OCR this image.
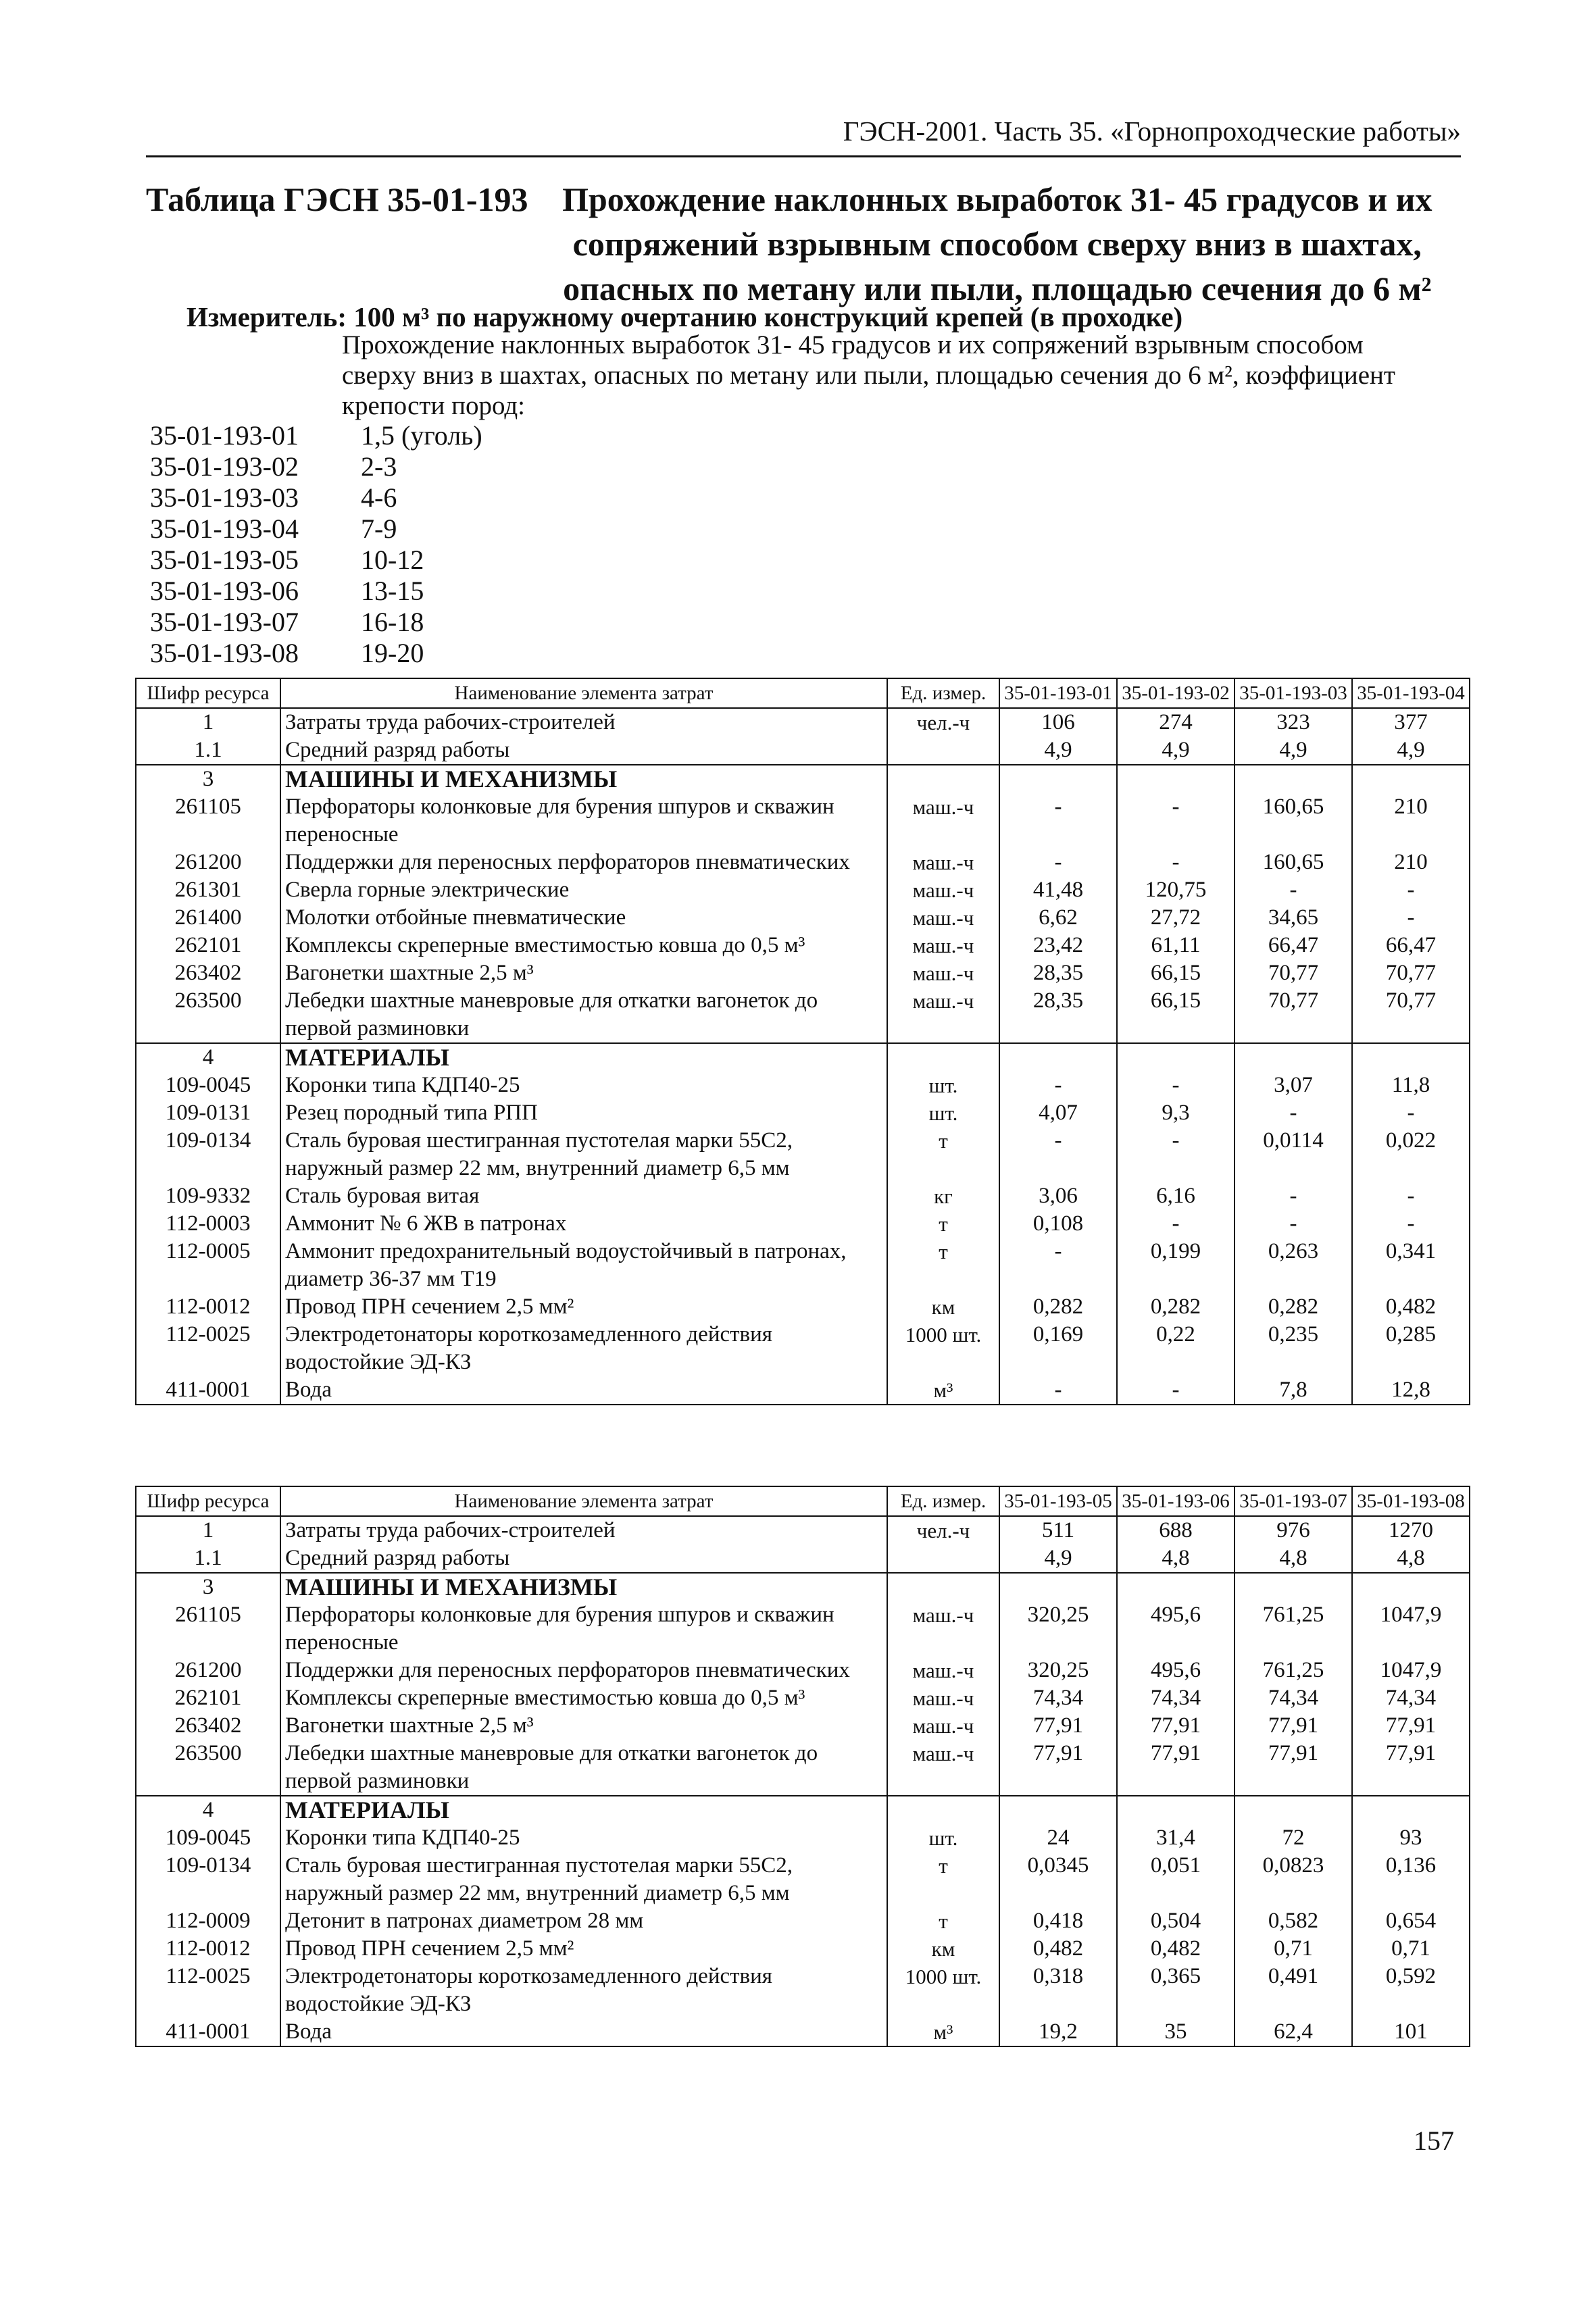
ГЭСН-2001. Часть 35. «Горнопроходческие работы»
Таблица ГЭСН 35-01-193	Прохождение наклонных выработок 31- 45 градусов и их
сопряжений взрывным способом сверху вниз в шахтах,
опасных по метану или пыли, площадью сечения до 6 м²
Измеритель: 100 м³ по наружному очертанию конструкций крепей (в проходке)
Прохождение наклонных выработок 31- 45 градусов и их сопряжений взрывным способом сверху вниз в шахтах, опасных по метану или пыли, площадью сечения до 6 м², коэффициент крепости пород:
35-01-193-01	1,5 (уголь)
35-01-193-02	2-3
35-01-193-03	4-6
35-01-193-04	7-9
35-01-193-05	10-12
35-01-193-06	13-15
35-01-193-07	16-18
35-01-193-08	19-20
Шифр ресурса	Наименование элемента затрат	Ед. измер.	35-01-193-01	35-01-193-02	35-01-193-03	35-01-193-04
1	Затраты труда рабочих-строителей	чел.-ч	106	274	323	377
1.1	Средний разряд работы		4,9	4,9	4,9	4,9
3	МАШИНЫ И МЕХАНИЗМЫ					
261105	Перфораторы колонковые для бурения шпуров и скважин переносные	маш.-ч	-	-	160,65	210
261200	Поддержки для переносных перфораторов пневматических	маш.-ч	-	-	160,65	210
261301	Сверла горные электрические	маш.-ч	41,48	120,75	-	-
261400	Молотки отбойные пневматические	маш.-ч	6,62	27,72	34,65	-
262101	Комплексы скреперные вместимостью ковша до 0,5 м³	маш.-ч	23,42	61,11	66,47	66,47
263402	Вагонетки шахтные 2,5 м³	маш.-ч	28,35	66,15	70,77	70,77
263500	Лебедки шахтные маневровые для откатки вагонеток до первой разминовки	маш.-ч	28,35	66,15	70,77	70,77
4	МАТЕРИАЛЫ					
109-0045	Коронки типа КДП40-25	шт.	-	-	3,07	11,8
109-0131	Резец породный типа РПП	шт.	4,07	9,3	-	-
109-0134	Сталь буровая шестигранная пустотелая марки 55С2, наружный размер 22 мм, внутренний диаметр 6,5 мм	т	-	-	0,0114	0,022
109-9332	Сталь буровая витая	кг	3,06	6,16	-	-
112-0003	Аммонит № 6 ЖВ в патронах	т	0,108	-	-	-
112-0005	Аммонит предохранительный водоустойчивый в патронах, диаметр 36-37 мм Т19	т	-	0,199	0,263	0,341
112-0012	Провод ПРН сечением 2,5 мм²	км	0,282	0,282	0,282	0,482
112-0025	Электродетонаторы короткозамедленного действия водостойкие ЭД-КЗ	1000 шт.	0,169	0,22	0,235	0,285
411-0001	Вода	м³	-	-	7,8	12,8
Шифр ресурса	Наименование элемента затрат	Ед. измер.	35-01-193-05	35-01-193-06	35-01-193-07	35-01-193-08
1	Затраты труда рабочих-строителей	чел.-ч	511	688	976	1270
1.1	Средний разряд работы		4,9	4,8	4,8	4,8
3	МАШИНЫ И МЕХАНИЗМЫ					
261105	Перфораторы колонковые для бурения шпуров и скважин переносные	маш.-ч	320,25	495,6	761,25	1047,9
261200	Поддержки для переносных перфораторов пневматических	маш.-ч	320,25	495,6	761,25	1047,9
262101	Комплексы скреперные вместимостью ковша до 0,5 м³	маш.-ч	74,34	74,34	74,34	74,34
263402	Вагонетки шахтные 2,5 м³	маш.-ч	77,91	77,91	77,91	77,91
263500	Лебедки шахтные маневровые для откатки вагонеток до первой разминовки	маш.-ч	77,91	77,91	77,91	77,91
4	МАТЕРИАЛЫ					
109-0045	Коронки типа КДП40-25	шт.	24	31,4	72	93
109-0134	Сталь буровая шестигранная пустотелая марки 55С2, наружный размер 22 мм, внутренний диаметр 6,5 мм	т	0,0345	0,051	0,0823	0,136
112-0009	Детонит в патронах диаметром 28 мм	т	0,418	0,504	0,582	0,654
112-0012	Провод ПРН сечением 2,5 мм²	км	0,482	0,482	0,71	0,71
112-0025	Электродетонаторы короткозамедленного действия водостойкие ЭД-КЗ	1000 шт.	0,318	0,365	0,491	0,592
411-0001	Вода	м³	19,2	35	62,4	101
157
